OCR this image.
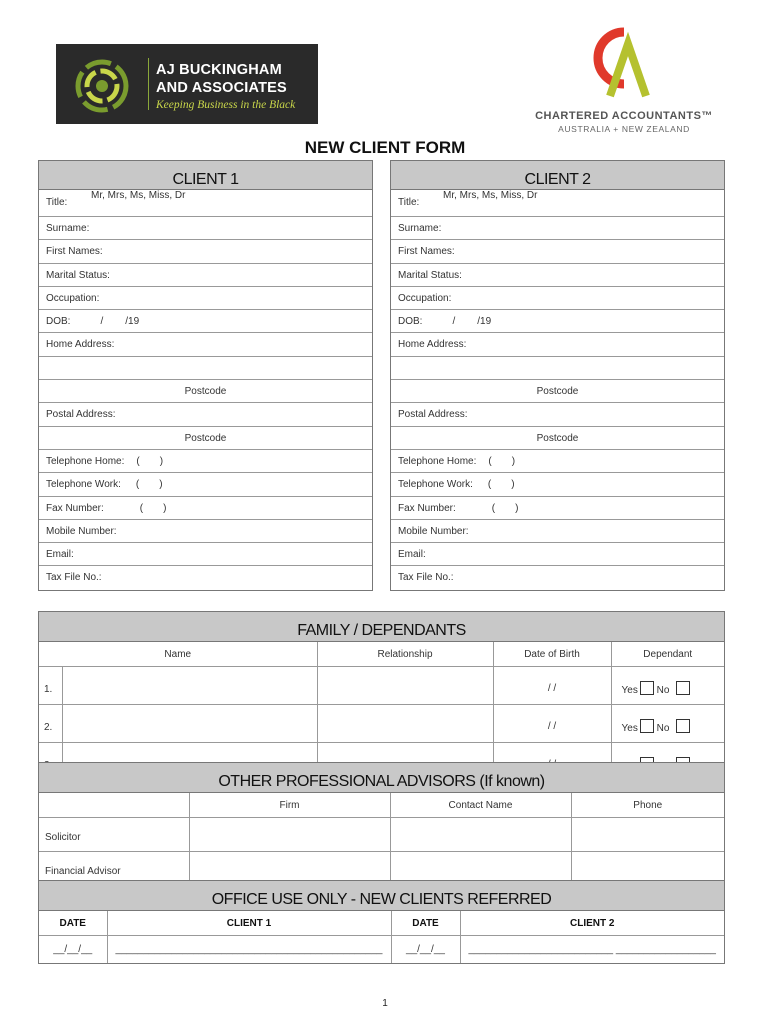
AJ BUCKINGHAM
AND ASSOCIATES
Keeping Business in the Black
CHARTERED ACCOUNTANTS™
AUSTRALIA + NEW ZEALAND
NEW CLIENT FORM
CLIENT 1
Title:
Mr, Mrs, Ms, Miss, Dr
Surname:
First Names:
Marital Status:
Occupation:
DOB:	/ /19
Home Address:
Postcode
Postal Address:
Postcode
Telephone Home: ( )
Telephone Work: ( )
Fax Number:	( )
Mobile Number:
Email:
Tax File No.:
CLIENT 2
Title:
Mr, Mrs, Ms, Miss, Dr
Surname:
First Names:
Marital Status:
Occupation:
DOB:	/ /19
Home Address:
Postcode
Postal Address:
Postcode
Telephone Home: ( )
Telephone Work: ( )
Fax Number:	( )
Mobile Number:
Email:
Tax File No.:
FAMILY / DEPENDANTS
Name		Relationship	Date of Birth	Dependant
1.			/ /	Yes No
2.			/ /	Yes No

OTHER PROFESSIONAL ADVISORS (If known)
	Firm	Contact Name	Phone
Solicitor			
Financial Advisor			
OFFICE USE ONLY - NEW CLIENTS REFERRED
DATE	CLIENT 1	DATE	CLIENT 2
__/__/__	________________________________________________	__/__/__	__________________________ __________________
1
